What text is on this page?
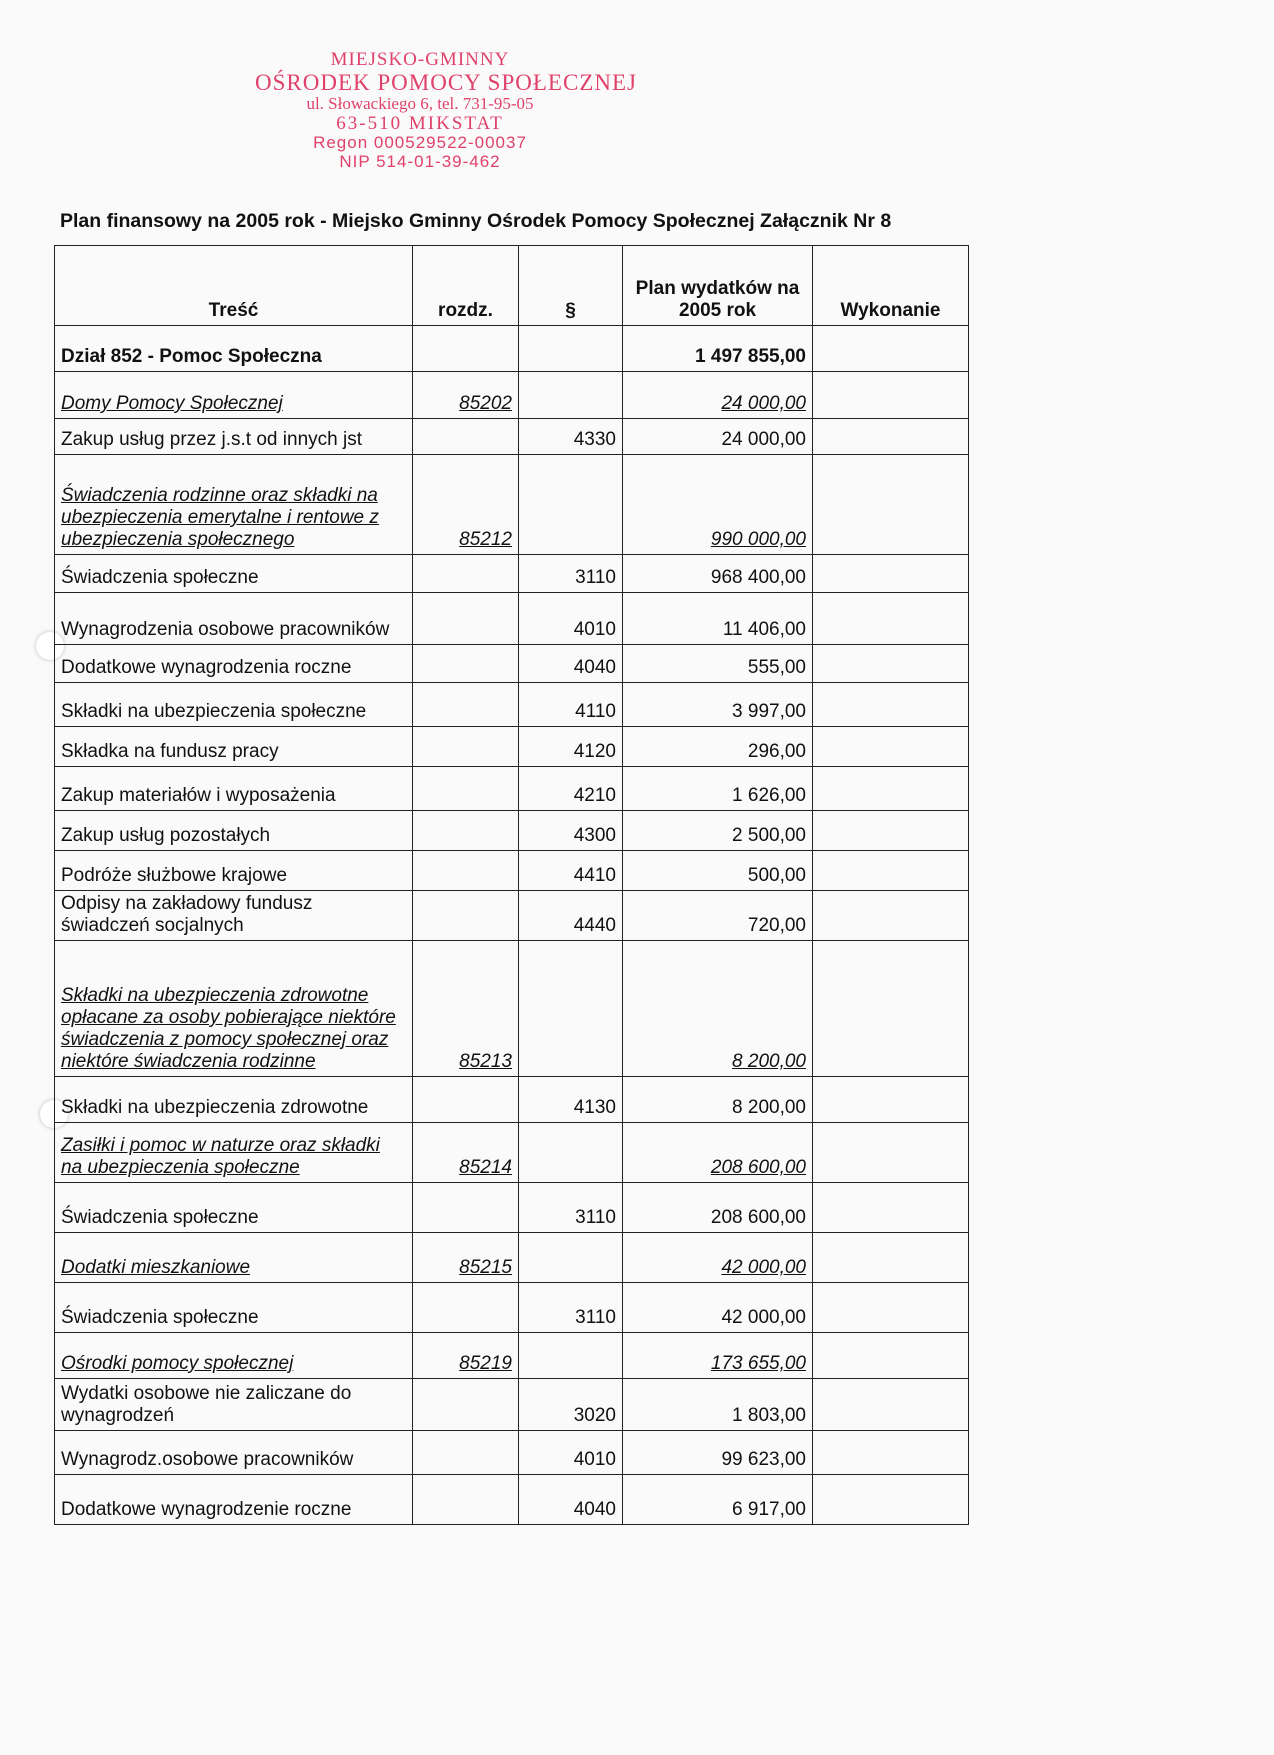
MIEJSKO-GMINNY
OŚRODEK POMOCY SPOŁECZNEJ
ul. Słowackiego 6, tel. 731-95-05
63-510 MIKSTAT
Regon 000529522-00037
NIP 514-01-39-462
Plan finansowy na 2005 rok - Miejsko Gminny Ośrodek Pomocy Społecznej Załącznik Nr 8
Treść	rozdz.	§	Plan wydatków na 2005 rok	Wykonanie
Dział 852 - Pomoc Społeczna			1 497 855,00	
Domy Pomocy Społecznej	85202		24 000,00	
Zakup usług przez j.s.t od innych jst		4330	24 000,00	
Świadczenia rodzinne oraz składki na ubezpieczenia emerytalne i rentowe z ubezpieczenia społecznego	85212		990 000,00	
Świadczenia społeczne		3110	968 400,00	
Wynagrodzenia osobowe pracowników		4010	11 406,00	
Dodatkowe wynagrodzenia roczne		4040	555,00	
Składki na ubezpieczenia społeczne		4110	3 997,00	
Składka na fundusz pracy		4120	296,00	
Zakup materiałów i wyposażenia		4210	1 626,00	
Zakup usług pozostałych		4300	2 500,00	
Podróże służbowe krajowe		4410	500,00	
Odpisy na zakładowy fundusz świadczeń socjalnych		4440	720,00	
Składki na ubezpieczenia zdrowotne opłacane za osoby pobierające niektóre świadczenia z pomocy społecznej oraz niektóre świadczenia rodzinne	85213		8 200,00	
Składki na ubezpieczenia zdrowotne		4130	8 200,00	
Zasiłki i pomoc w naturze oraz składki na ubezpieczenia społeczne	85214		208 600,00	
Świadczenia społeczne		3110	208 600,00	
Dodatki mieszkaniowe	85215		42 000,00	
Świadczenia społeczne		3110	42 000,00	
Ośrodki pomocy społecznej	85219		173 655,00	
Wydatki osobowe nie zaliczane do wynagrodzeń		3020	1 803,00	
Wynagrodz.osobowe pracowników		4010	99 623,00	
Dodatkowe wynagrodzenie roczne		4040	6 917,00	
